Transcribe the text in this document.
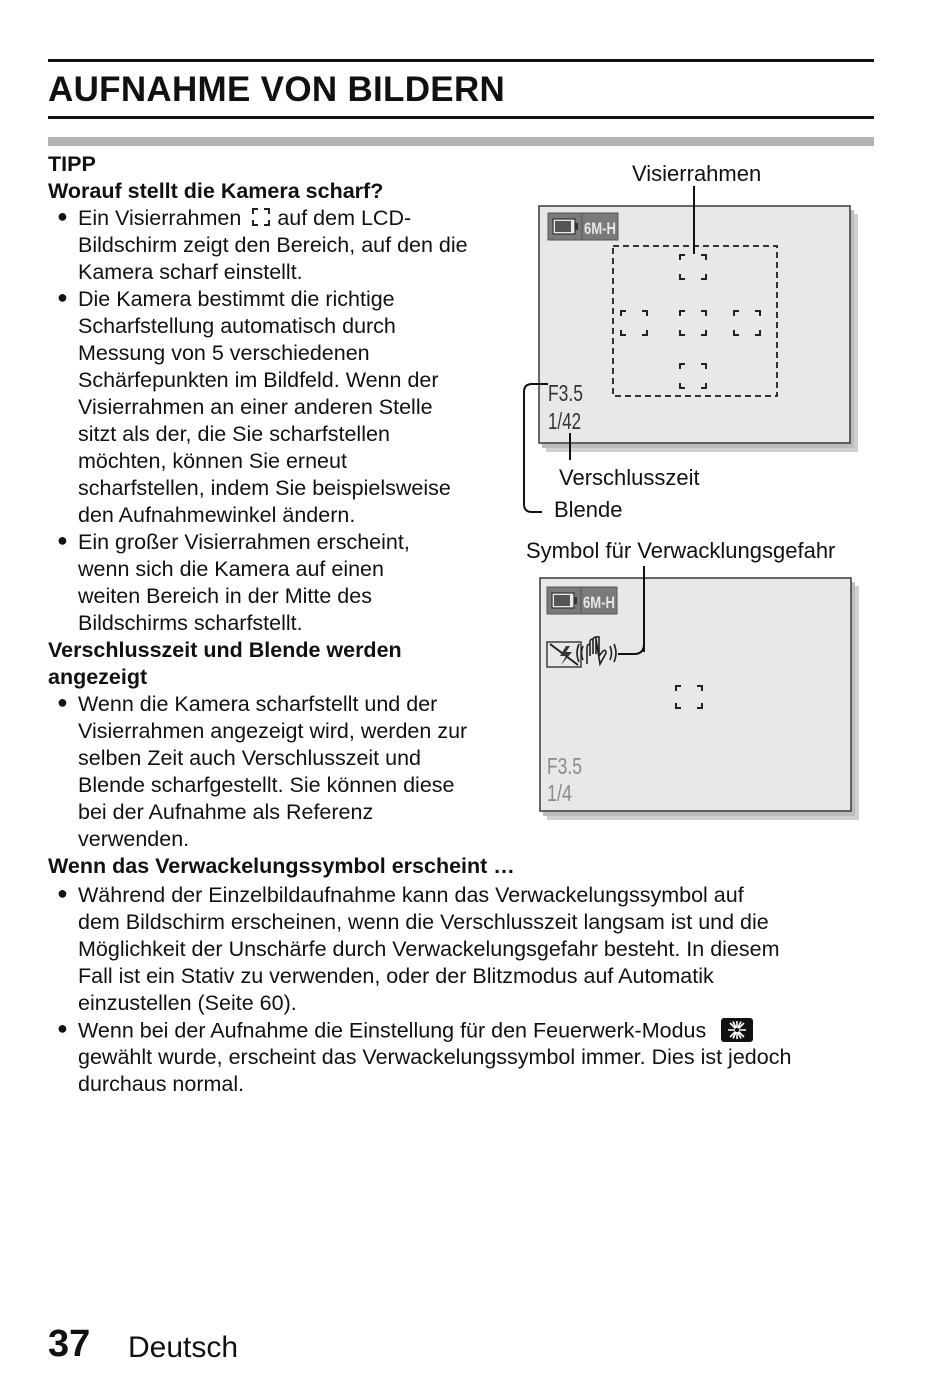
AUFNAHME VON BILDERN
TIPP
Worauf stellt die Kamera scharf?
● Ein Visierrahmen auf dem LCD-
Bildschirm zeigt den Bereich, auf den die
Kamera scharf einstellt.
● Die Kamera bestimmt die richtige
Scharfstellung automatisch durch
Messung von 5 verschiedenen
Schärfepunkten im Bildfeld. Wenn der
Visierrahmen an einer anderen Stelle
sitzt als der, die Sie scharfstellen
möchten, können Sie erneut
scharfstellen, indem Sie beispielsweise
den Aufnahmewinkel ändern.
● Ein großer Visierrahmen erscheint,
wenn sich die Kamera auf einen
weiten Bereich in der Mitte des
Bildschirms scharfstellt.
Verschlusszeit und Blende werden
angezeigt
● Wenn die Kamera scharfstellt und der
Visierrahmen angezeigt wird, werden zur
selben Zeit auch Verschlusszeit und
Blende scharfgestellt. Sie können diese
bei der Aufnahme als Referenz
verwenden.
Wenn das Verwackelungssymbol erscheint …
● Während der Einzelbildaufnahme kann das Verwackelungssymbol auf
dem Bildschirm erscheinen, wenn die Verschlusszeit langsam ist und die
Möglichkeit der Unschärfe durch Verwackelungsgefahr besteht. In diesem
Fall ist ein Stativ zu verwenden, oder der Blitzmodus auf Automatik
einzustellen (Seite 60).
● Wenn bei der Aufnahme die Einstellung für den Feuerwerk-Modus
gewählt wurde, erscheint das Verwackelungssymbol immer. Dies ist jedoch
durchaus normal.
Visierrahmen
6M-H
F3.5
1/42
Verschlusszeit
Blende
Symbol für Verwacklungsgefahr
6M-H
F3.5
1/4
37 Deutsch
